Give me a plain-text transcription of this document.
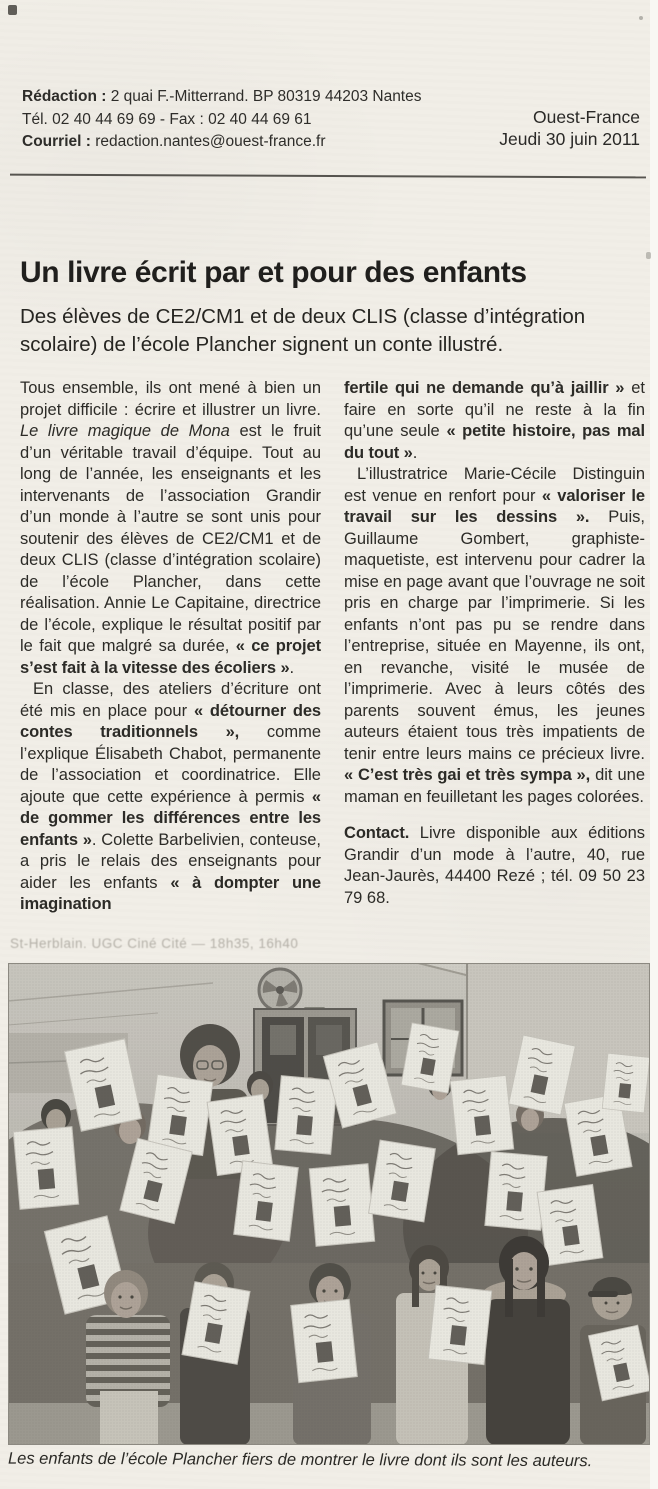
Rédaction : 2 quai F.-Mitterrand. BP 80319 44203 Nantes
Tél. 02 40 44 69 69 - Fax : 02 40 44 69 61
Courriel : redaction.nantes@ouest-france.fr
Ouest-France
Jeudi 30 juin 2011
Un livre écrit par et pour des enfants
Des élèves de CE2/CM1 et de deux CLIS (classe d’intégration scolaire) de l’école Plancher signent un conte illustré.

Tous ensemble, ils ont mené à bien un projet difficile : écrire et illustrer un livre. Le livre magique de Mona est le fruit d’un véritable travail d’équipe. Tout au long de l’année, les enseignants et les intervenants de l’association Grandir d’un monde à l’autre se sont unis pour soutenir des élèves de CE2/CM1 et de deux CLIS (classe d’intégration scolaire) de l’école Plancher, dans cette réalisation. Annie Le Capitaine, directrice de l’école, explique le résultat positif par le fait que malgré sa durée, « ce projet s’est fait à la vitesse des écoliers ».

En classe, des ateliers d’écriture ont été mis en place pour « détourner des contes traditionnels », comme l’explique Élisabeth Chabot, permanente de l’association et coordinatrice. Elle ajoute que cette expérience à permis « de gommer les différences entre les enfants ». Colette Barbelivien, conteuse, a pris le relais des enseignants pour aider les enfants « à dompter une imagination

fertile qui ne demande qu’à jaillir » et faire en sorte qu’il ne reste à la fin qu’une seule « petite histoire, pas mal du tout ».

L’illustratrice Marie-Cécile Distinguin est venue en renfort pour « valoriser le travail sur les dessins ». Puis, Guillaume Gombert, graphiste-maquetiste, est intervenu pour cadrer la mise en page avant que l’ouvrage ne soit pris en charge par l’imprimerie. Si les enfants n’ont pas pu se rendre dans l’entreprise, située en Mayenne, ils ont, en revanche, visité le musée de l’imprimerie. Avec à leurs côtés des parents souvent émus, les jeunes auteurs étaient tous très impatients de tenir entre leurs mains ce précieux livre. « C’est très gai et très sympa », dit une maman en feuilletant les pages colorées.

Contact. Livre disponible aux éditions Grandir d’un mode à l’autre, 40, rue Jean-Jaurès, 44400 Rezé ; tél. 09 50 23 79 68.

St-Herblain. UGC Ciné Cité — 18h35, 16h40
Les enfants de l’école Plancher fiers de montrer le livre dont ils sont les auteurs.
